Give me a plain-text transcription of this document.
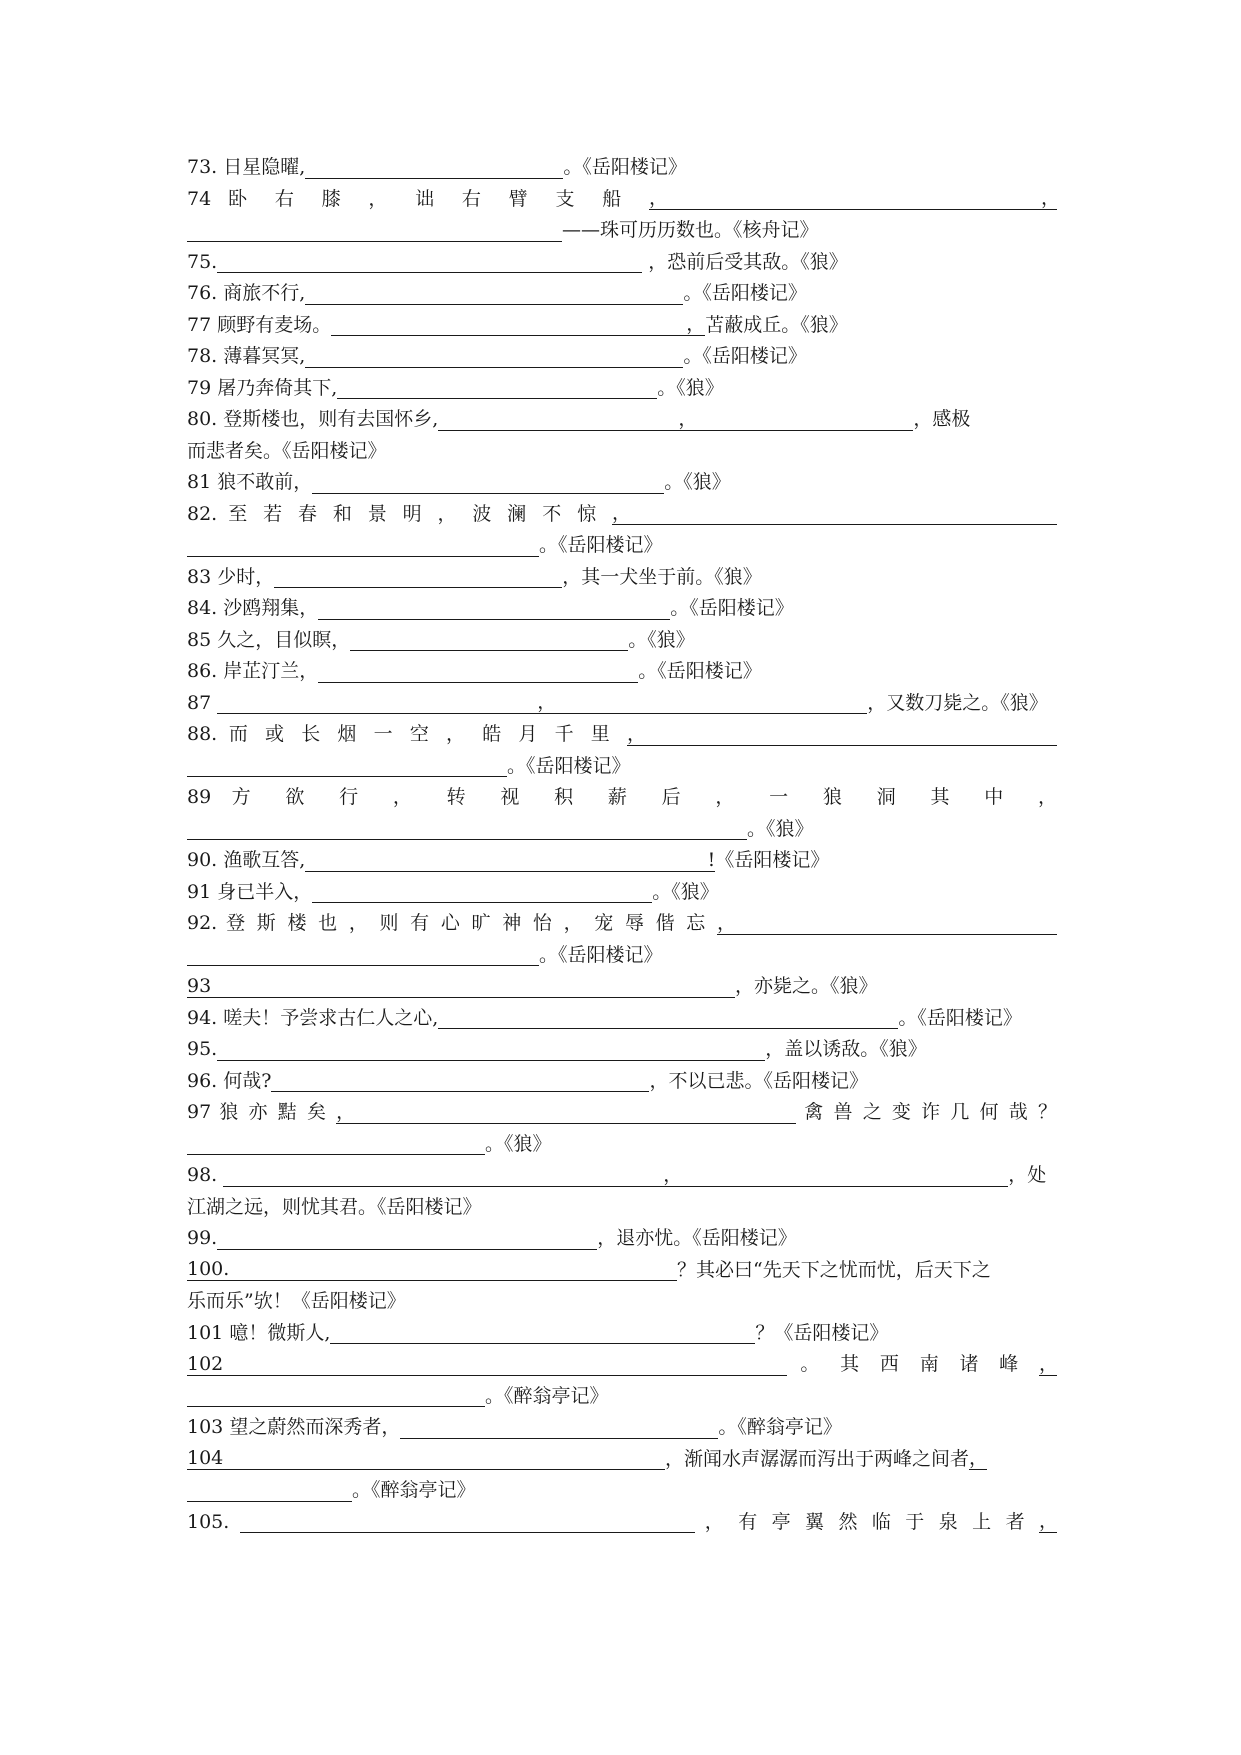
73. 日星隐曜,	。《岳阳楼记》
74 卧 右 膝 ， 诎 右 臂 支 船 ，	，
——珠可历历数也。《核舟记》
75.	，恐前后受其敌。《狼》
76. 商旅不行,	。《岳阳楼记》
77 顾野有麦场。	，苫蔽成丘。《狼》
78. 薄暮冥冥,	。《岳阳楼记》
79 屠乃奔倚其下,	。《狼》
80. 登斯楼也，则有去国怀乡,	，	，感极
而悲者矣。《岳阳楼记》
81 狼不敢前，	。《狼》
82. 至 若 春 和 景 明 ， 波 澜 不 惊 ，
。《岳阳楼记》
83 少时，	，其一犬坐于前。《狼》
84. 沙鸥翔集，	。《岳阳楼记》
85 久之，目似瞑，	。《狼》
86. 岸芷汀兰，	。《岳阳楼记》
87	，	，又数刀毙之。《狼》
88. 而 或 长 烟 一 空 ， 皓 月 千 里 ，
。《岳阳楼记》
89 方 欲 行 ， 转 视 积 薪 后 ， 一 狼 洞 其 中 ，
。《狼》
90. 渔歌互答,	!《岳阳楼记》
91 身已半入，	。《狼》
92. 登 斯 楼 也 ， 则 有 心 旷 神 怡 ， 宠 辱 偕 忘 ，
。《岳阳楼记》
93	，亦毙之。《狼》
94. 嗟夫！予尝求古仁人之心,	。《岳阳楼记》
95.	，盖以诱敌。《狼》
96. 何哉?	，不以已悲。《岳阳楼记》
97 狼 亦 黠 矣 ，	禽 兽 之 变 诈 几 何 哉 ？
。《狼》
98.	，	，处
江湖之远，则忧其君。《岳阳楼记》
99.	，退亦忧。《岳阳楼记》
100.	？其必曰“先天下之忧而忧，后天下之
乐而乐”欤！《岳阳楼记》
101 噫！微斯人,	？《岳阳楼记》
102	。 其 西 南 诸 峰 ，
。《醉翁亭记》
103 望之蔚然而深秀者，	。《醉翁亭记》
104	，渐闻水声潺潺而泻出于两峰之间者，
。《醉翁亭记》
105.	， 有 亭 翼 然 临 于 泉 上 者 ，
